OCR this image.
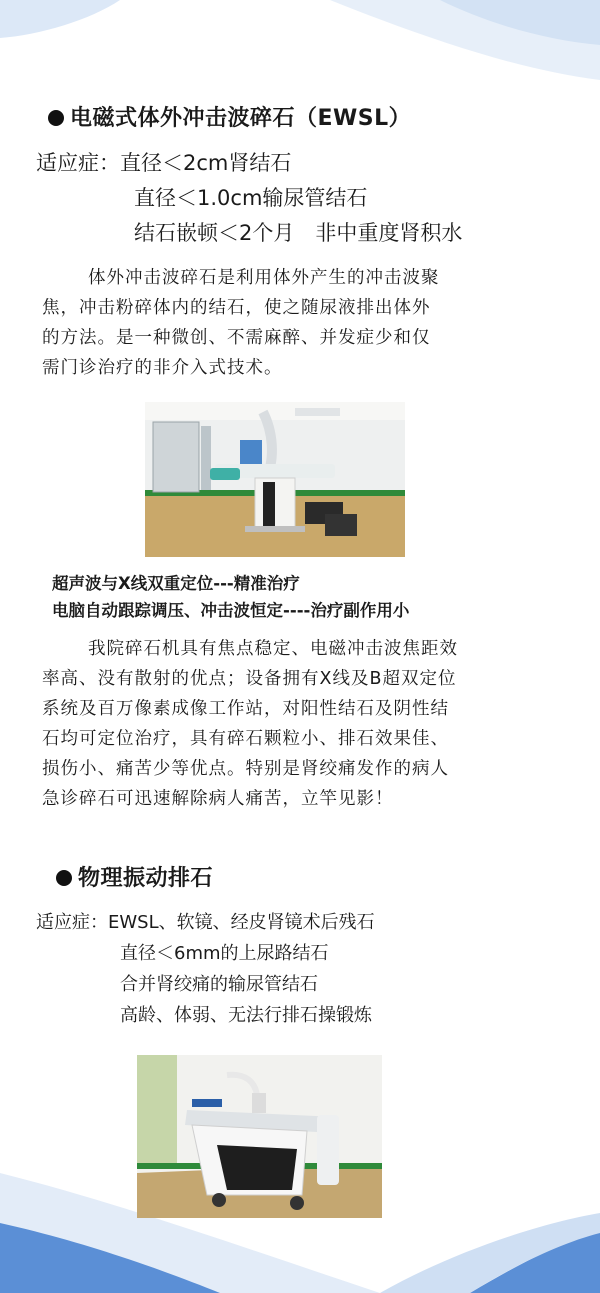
电磁式体外冲击波碎石（EWSL）
适应症：直径＜2cm肾结石
直径＜1.0cm输尿管结石
结石嵌顿＜2个月　非中重度肾积水

体外冲击波碎石是利用体外产生的冲击波聚

焦，冲击粉碎体内的结石，使之随尿液排出体外

的方法。是一种微创、不需麻醉、并发症少和仅

需门诊治疗的非介入式技术。

超声波与X线双重定位---精准治疗
电脑自动跟踪调压、冲击波恒定----治疗副作用小

我院碎石机具有焦点稳定、电磁冲击波焦距效

率高、没有散射的优点；设备拥有X线及B超双定位

系统及百万像素成像工作站，对阳性结石及阴性结

石均可定位治疗，具有碎石颗粒小、排石效果佳、

损伤小、痛苦少等优点。特别是肾绞痛发作的病人

急诊碎石可迅速解除病人痛苦，立竿见影！

物理振动排石
适应症：EWSL、软镜、经皮肾镜术后残石
直径＜6mm的上尿路结石
合并肾绞痛的输尿管结石
高龄、体弱、无法行排石操锻炼
